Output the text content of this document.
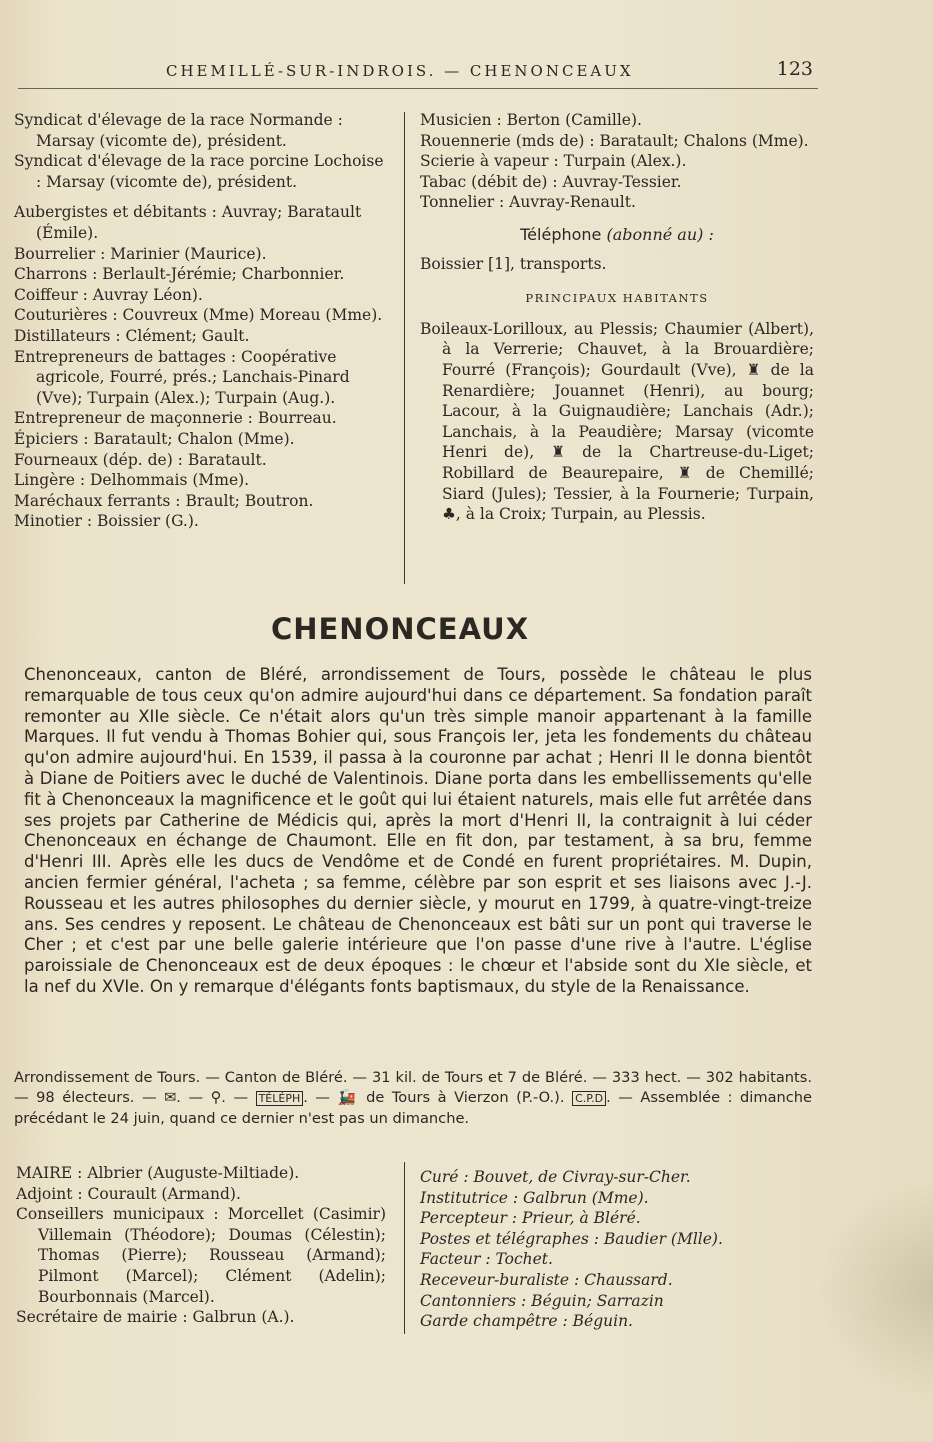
CHEMILLÉ-SUR-INDROIS. — CHENONCEAUX	123

Syndicat d'élevage de la race Normande : Marsay (vicomte de), président.

Syndicat d'élevage de la race porcine Lochoise : Marsay (vicomte de), président.

Aubergistes et débitants : Auvray; Baratault (Émile).

Bourrelier : Marinier (Maurice).

Charrons : Berlault-Jérémie; Charbonnier.

Coiffeur : Auvray Léon).

Couturières : Couvreux (Mme) Moreau (Mme).

Distillateurs : Clément; Gault.

Entrepreneurs de battages : Coopérative agricole, Fourré, prés.; Lanchais-Pinard (Vve); Turpain (Alex.); Turpain (Aug.).

Entrepreneur de maçonnerie : Bourreau.

Épiciers : Baratault; Chalon (Mme).

Fourneaux (dép. de) : Baratault.

Lingère : Delhommais (Mme).

Maréchaux ferrants : Brault; Boutron.

Minotier : Boissier (G.).

Musicien : Berton (Camille).

Rouennerie (mds de) : Baratault; Chalons (Mme).

Scierie à vapeur : Turpain (Alex.).

Tabac (débit de) : Auvray-Tessier.

Tonnelier : Auvray-Renault.

Téléphone (abonné au) :

Boissier [1], transports.

PRINCIPAUX HABITANTS

Boileaux-Lorilloux, au Plessis; Chaumier (Albert), à la Verrerie; Chauvet, à la Brouardière; Fourré (François); Gourdault (Vve), ♜ de la Renardière; Jouannet (Henri), au bourg; Lacour, à la Guignaudière; Lanchais (Adr.); Lanchais, à la Peaudière; Marsay (vicomte Henri de), ♜ de la Chartreuse-du-Liget; Robillard de Beaurepaire, ♜ de Chemillé; Siard (Jules); Tessier, à la Fournerie; Turpain, ♣, à la Croix; Turpain, au Plessis.

CHENONCEAUX

Chenonceaux, canton de Bléré, arrondissement de Tours, possède le château le plus remarquable de tous ceux qu'on admire aujourd'hui dans ce département. Sa fondation paraît remonter au XIIe siècle. Ce n'était alors qu'un très simple manoir appartenant à la famille Marques. Il fut vendu à Thomas Bohier qui, sous François Ier, jeta les fondements du château qu'on admire aujourd'hui. En 1539, il passa à la couronne par achat ; Henri II le donna bientôt à Diane de Poitiers avec le duché de Valentinois. Diane porta dans les embellissements qu'elle fit à Chenonceaux la magnificence et le goût qui lui étaient naturels, mais elle fut arrêtée dans ses projets par Catherine de Médicis qui, après la mort d'Henri II, la contraignit à lui céder Chenonceaux en échange de Chaumont. Elle en fit don, par testament, à sa bru, femme d'Henri III. Après elle les ducs de Vendôme et de Condé en furent propriétaires. M. Dupin, ancien fermier général, l'acheta ; sa femme, célèbre par son esprit et ses liaisons avec J.-J. Rousseau et les autres philosophes du dernier siècle, y mourut en 1799, à quatre-vingt-treize ans. Ses cendres y reposent. Le château de Chenonceaux est bâti sur un pont qui traverse le Cher ; et c'est par une belle galerie intérieure que l'on passe d'une rive à l'autre. L'église paroissiale de Chenonceaux est de deux époques : le chœur et l'abside sont du XIe siècle, et la nef du XVIe. On y remarque d'élégants fonts baptismaux, du style de la Renaissance.

Arrondissement de Tours. — Canton de Bléré. — 31 kil. de Tours et 7 de Bléré. — 333 hect. — 302 habitants. — 98 électeurs. — ✉. — ⚲. — TÉLÉPH . — 🚂 de Tours à Vierzon (P.-O.). C.P.D . — Assemblée : dimanche précédant le 24 juin, quand ce dernier n'est pas un dimanche.

MAIRE : Albrier (Auguste-Miltiade).

Adjoint : Courault (Armand).

Conseillers municipaux : Morcellet (Casimir) Villemain (Théodore); Doumas (Célestin); Thomas (Pierre); Rousseau (Armand); Pilmont (Marcel); Clément (Adelin); Bourbonnais (Marcel).

Secrétaire de mairie : Galbrun (A.).

Curé : Bouvet, de Civray-sur-Cher.

Institutrice : Galbrun (Mme).

Percepteur : Prieur, à Bléré.

Postes et télégraphes : Baudier (Mlle).

Facteur : Tochet.

Receveur-buraliste : Chaussard.

Cantonniers : Béguin; Sarrazin

Garde champêtre : Béguin.
